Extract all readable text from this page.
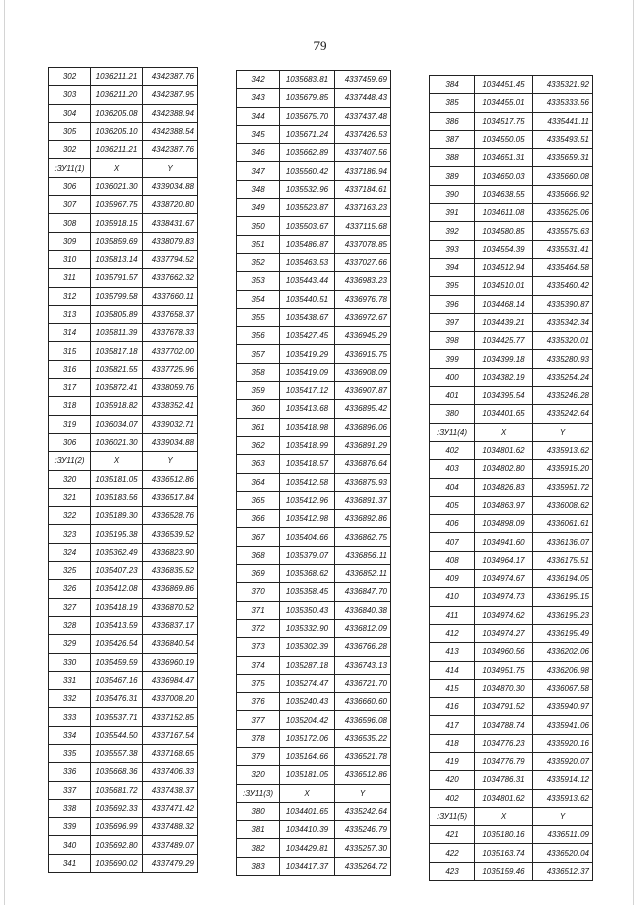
79
302	1036211.21	4342387.76
303	1036211.20	4342387.95
304	1036205.08	4342388.94
305	1036205.10	4342388.54
302	1036211.21	4342387.76
:ЗУ11(1)	X	Y
306	1036021.30	4339034.88
307	1035967.75	4338720.80
308	1035918.15	4338431.67
309	1035859.69	4338079.83
310	1035813.14	4337794.52
311	1035791.57	4337662.32
312	1035799.58	4337660.11
313	1035805.89	4337658.37
314	1035811.39	4337678.33
315	1035817.18	4337702.00
316	1035821.55	4337725.96
317	1035872.41	4338059.76
318	1035918.82	4338352.41
319	1036034.07	4339032.71
306	1036021.30	4339034.88
:ЗУ11(2)	X	Y
320	1035181.05	4336512.86
321	1035183.56	4336517.84
322	1035189.30	4336528.76
323	1035195.38	4336539.52
324	1035362.49	4336823.90
325	1035407.23	4336835.52
326	1035412.08	4336869.86
327	1035418.19	4336870.52
328	1035413.59	4336837.17
329	1035426.54	4336840.54
330	1035459.59	4336960.19
331	1035467.16	4336984.47
332	1035476.31	4337008.20
333	1035537.71	4337152.85
334	1035544.50	4337167.54
335	1035557.38	4337168.65
336	1035668.36	4337406.33
337	1035681.72	4337438.37
338	1035692.33	4337471.42
339	1035696.99	4337488.32
340	1035692.80	4337489.07
341	1035690.02	4337479.29
342	1035683.81	4337459.69
343	1035679.85	4337448.43
344	1035675.70	4337437.48
345	1035671.24	4337426.53
346	1035662.89	4337407.56
347	1035560.42	4337186.94
348	1035532.96	4337184.61
349	1035523.87	4337163.23
350	1035503.67	4337115.68
351	1035486.87	4337078.85
352	1035463.53	4337027.66
353	1035443.44	4336983.23
354	1035440.51	4336976.78
355	1035438.67	4336972.67
356	1035427.45	4336945.29
357	1035419.29	4336915.75
358	1035419.09	4336908.09
359	1035417.12	4336907.87
360	1035413.68	4336895.42
361	1035418.98	4336896.06
362	1035418.99	4336891.29
363	1035418.57	4336876.64
364	1035412.58	4336875.93
365	1035412.96	4336891.37
366	1035412.98	4336892.86
367	1035404.66	4336862.75
368	1035379.07	4336856.11
369	1035368.62	4336852.11
370	1035358.45	4336847.70
371	1035350.43	4336840.38
372	1035332.90	4336812.09
373	1035302.39	4336766.28
374	1035287.18	4336743.13
375	1035274.47	4336721.70
376	1035240.43	4336660.60
377	1035204.42	4336596.08
378	1035172.06	4336535.22
379	1035164.66	4336521.78
320	1035181.05	4336512.86
:ЗУ11(3)	X	Y
380	1034401.65	4335242.64
381	1034410.39	4335246.79
382	1034429.81	4335257.30
383	1034417.37	4335264.72
384	1034451.45	4335321.92
385	1034455.01	4335333.56
386	1034517.75	4335441.11
387	1034550.05	4335493.51
388	1034651.31	4335659.31
389	1034650.03	4335660.08
390	1034638.55	4335666.92
391	1034611.08	4335625.06
392	1034580.85	4335575.63
393	1034554.39	4335531.41
394	1034512.94	4335464.58
395	1034510.01	4335460.42
396	1034468.14	4335390.87
397	1034439.21	4335342.34
398	1034425.77	4335320.01
399	1034399.18	4335280.93
400	1034382.19	4335254.24
401	1034395.54	4335246.28
380	1034401.65	4335242.64
:ЗУ11(4)	X	Y
402	1034801.62	4335913.62
403	1034802.80	4335915.20
404	1034826.83	4335951.72
405	1034863.97	4336008.62
406	1034898.09	4336061.61
407	1034941.60	4336136.07
408	1034964.17	4336175.51
409	1034974.67	4336194.05
410	1034974.73	4336195.15
411	1034974.62	4336195.23
412	1034974.27	4336195.49
413	1034960.56	4336202.06
414	1034951.75	4336206.98
415	1034870.30	4336067.58
416	1034791.52	4335940.97
417	1034788.74	4335941.06
418	1034776.23	4335920.16
419	1034776.79	4335920.07
420	1034786.31	4335914.12
402	1034801.62	4335913.62
:ЗУ11(5)	X	Y
421	1035180.16	4336511.09
422	1035163.74	4336520.04
423	1035159.46	4336512.37
